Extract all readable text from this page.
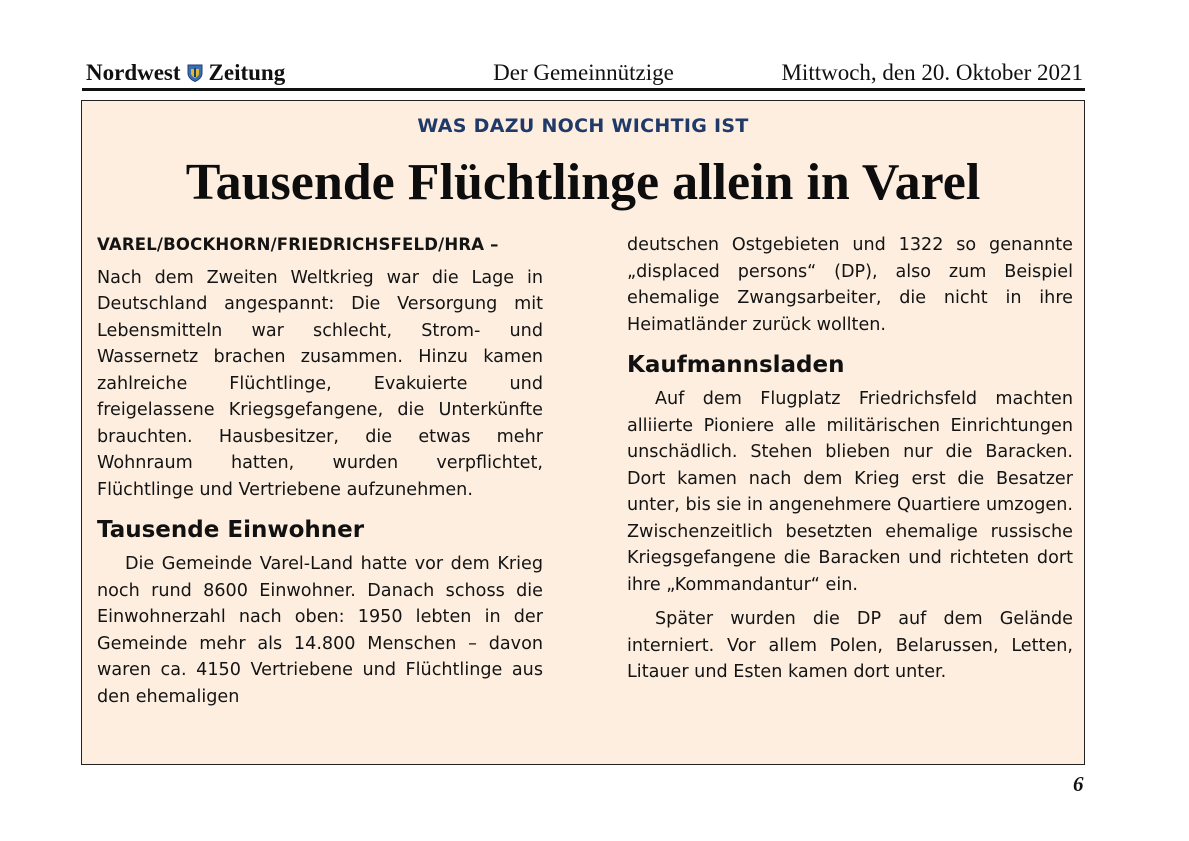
Nordwest Zeitung	Der Gemeinnützige	Mittwoch, den 20. Oktober 2021
WAS DAZU NOCH WICHTIG IST
Tausende Flüchtlinge allein in Varel
VAREL/BOCKHORN/FRIEDRICHSFELD/HRA –

Nach dem Zweiten Weltkrieg war die Lage in Deutschland angespannt: Die Versorgung mit Lebensmitteln war schlecht, Strom- und Wassernetz brachen zusammen. Hinzu kamen zahlreiche Flüchtlinge, Evakuierte und freigelassene Kriegsgefangene, die Unterkünfte brauchten. Hausbesitzer, die etwas mehr Wohnraum hatten, wurden verpflichtet, Flüchtlinge und Vertriebene aufzunehmen.

Tausende Einwohner

Die Gemeinde Varel-Land hatte vor dem Krieg noch rund 8600 Einwohner. Danach schoss die Einwohnerzahl nach oben: 1950 lebten in der Gemeinde mehr als 14.800 Menschen – davon waren ca. 4150 Vertriebene und Flüchtlinge aus den ehemaligen

deutschen Ostgebieten und 1322 so genannte „displaced persons“ (DP), also zum Beispiel ehemalige Zwangsarbeiter, die nicht in ihre Heimatländer zurück wollten.

Kaufmannsladen

Auf dem Flugplatz Friedrichsfeld machten alliierte Pioniere alle militärischen Einrichtungen unschädlich. Stehen blieben nur die Baracken. Dort kamen nach dem Krieg erst die Besatzer unter, bis sie in angenehmere Quartiere umzogen. Zwischenzeitlich besetzten ehemalige russische Kriegsgefangene die Baracken und richteten dort ihre „Kommandantur“ ein.

Später wurden die DP auf dem Gelände interniert. Vor allem Polen, Belarussen, Letten, Litauer und Esten kamen dort unter.

6
